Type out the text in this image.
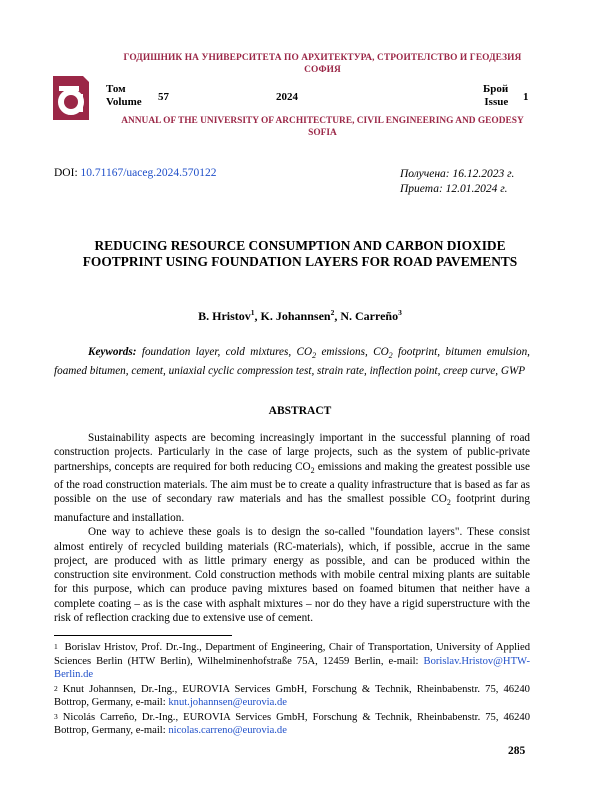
ГОДИШНИК НА УНИВЕРСИТЕТА ПО АРХИТЕКТУРА, СТРОИТЕЛСТВО И ГЕОДЕЗИЯ
СОФИЯ
Том
Volume 57	2024
Брой
Issue 1
ANNUAL OF THE UNIVERSITY OF ARCHITECTURE, CIVIL ENGINEERING AND GEODESY
SOFIA
DOI: 10.71167/uaceg.2024.570122	Получена: 16.12.2023 г.
Приета: 12.01.2024 г.
REDUCING RESOURCE CONSUMPTION AND CARBON DIOXIDE FOOTPRINT USING FOUNDATION LAYERS FOR ROAD PAVEMENTS
B. Hristov$^1$, K. Johannsen$^2$, N. Carreño$^3$
Keywords: foundation layer, cold mixtures, $CO_2$ emissions, $CO_2$ footprint, bitumen emulsion, foamed bitumen, cement, uniaxial cyclic compression test, strain rate, inflection point, creep curve, GWP
ABSTRACT

Sustainability aspects are becoming increasingly important in the successful planning of road construction projects. Particularly in the case of large projects, such as the system of public-private partnerships, concepts are required for both reducing $CO_2$ emissions and making the greatest possible use of the road construction materials. The aim must be to create a quality infrastructure that is based as far as possible on the use of secondary raw materials and has the smallest possible $CO_2$ footprint during manufacture and installation.

One way to achieve these goals is to design the so-called "foundation layers". These consist almost entirely of recycled building materials (RC-materials), which, if possible, accrue in the same project, are produced with as little primary energy as possible, and can be produced within the construction site environment. Cold construction methods with mobile central mixing plants are suitable for this purpose, which can produce paving mixtures based on foamed bitumen that neither have a complete coating – as is the case with asphalt mixtures – nor do they have a rigid superstructure with the risk of reflection cracking due to extensive use of cement.

$^1$ Borislav Hristov, Prof. Dr.-Ing., Department of Engineering, Chair of Transportation, University of Applied Sciences Berlin (HTW Berlin), Wilhelminenhofstraße 75A, 12459 Berlin, e-mail: Borislav.Hristov@HTW-Berlin.de

$^2$ Knut Johannsen, Dr.-Ing., EUROVIA Services GmbH, Forschung & Technik, Rheinbabenstr. 75, 46240 Bottrop, Germany, e-mail: knut.johannsen@eurovia.de

$^3$ Nicolás Carreño, Dr.-Ing., EUROVIA Services GmbH, Forschung & Technik, Rheinbabenstr. 75, 46240 Bottrop, Germany, e-mail: nicolas.carreno@eurovia.de

285
